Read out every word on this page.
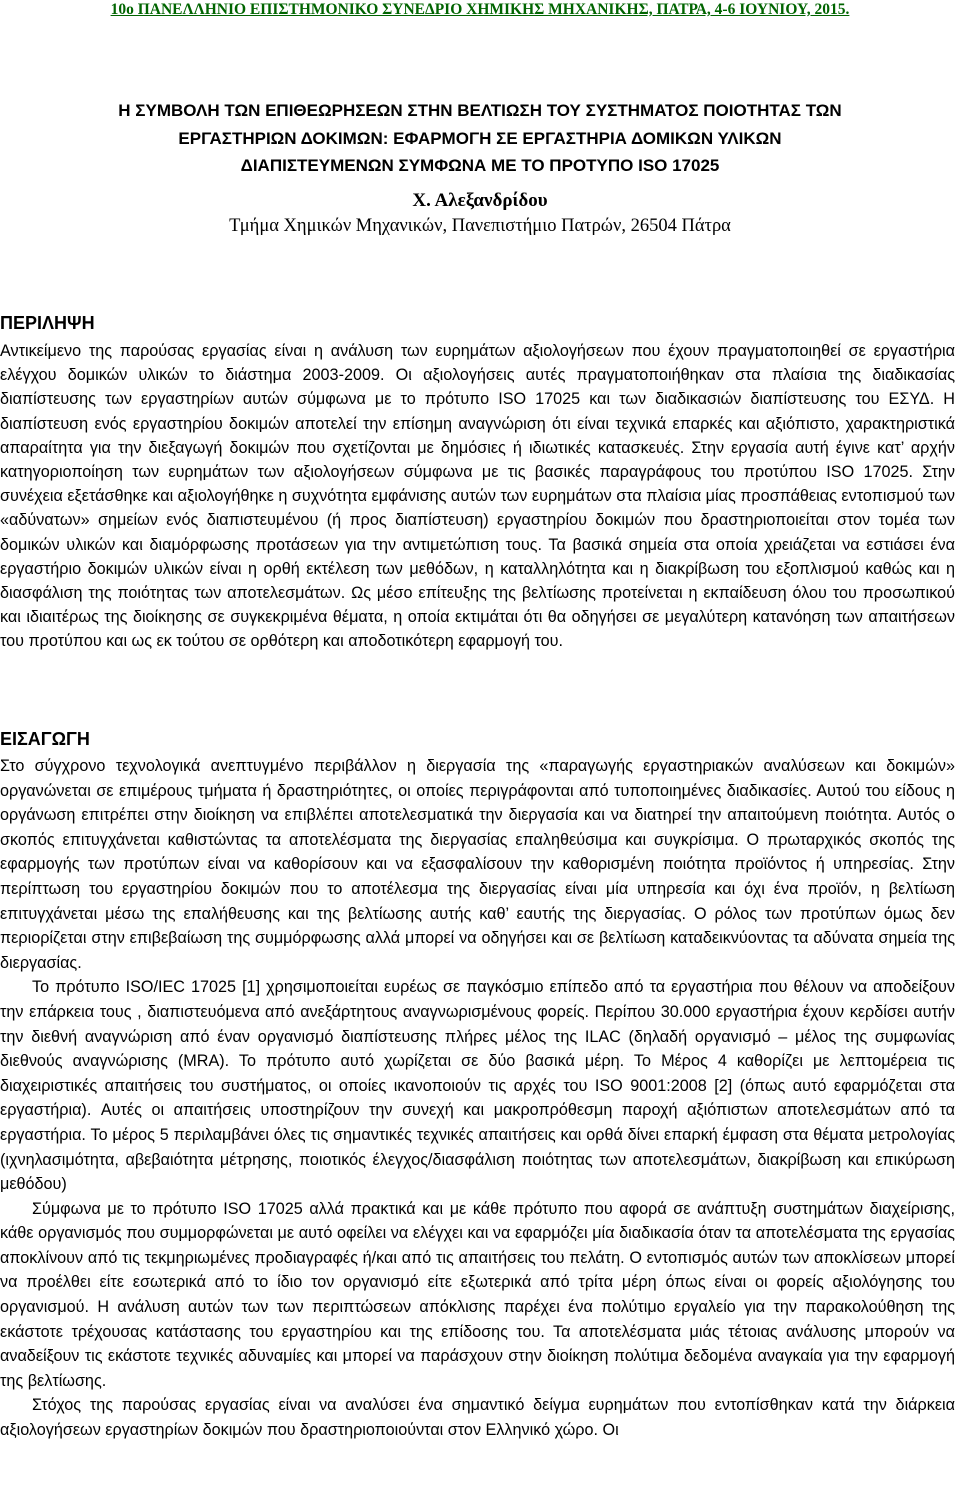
10ο ΠΑΝΕΛΛΗΝΙΟ ΕΠΙΣΤΗΜΟΝΙΚΟ ΣΥΝΕΔΡΙΟ ΧΗΜΙΚΗΣ ΜΗΧΑΝΙΚΗΣ, ΠΑΤΡΑ, 4-6 ΙΟΥΝΙΟΥ, 2015.
Η ΣΥΜΒΟΛΗ ΤΩΝ ΕΠΙΘΕΩΡΗΣΕΩΝ ΣΤΗΝ ΒΕΛΤΙΩΣΗ ΤΟΥ ΣΥΣΤΗΜΑΤΟΣ ΠΟΙΟΤΗΤΑΣ ΤΩΝ
ΕΡΓΑΣΤΗΡΙΩΝ ΔΟΚΙΜΩΝ: ΕΦΑΡΜΟΓΗ ΣΕ ΕΡΓΑΣΤΗΡΙΑ ΔΟΜΙΚΩΝ ΥΛΙΚΩΝ
ΔΙΑΠΙΣΤΕΥΜΕΝΩΝ ΣΥΜΦΩΝΑ ΜΕ ΤΟ ΠΡΟΤΥΠΟ ISO 17025
Χ. Αλεξανδρίδου
Τμήμα Χημικών Μηχανικών, Πανεπιστήμιο Πατρών, 26504 Πάτρα
ΠΕΡΙΛΗΨΗ

Αντικείμενο της παρούσας εργασίας είναι η ανάλυση των ευρημάτων αξιολογήσεων που έχουν πραγματοποιηθεί σε εργαστήρια ελέγχου δομικών υλικών το διάστημα 2003-2009. Οι αξιολογήσεις αυτές πραγματοποιήθηκαν στα πλαίσια της διαδικασίας διαπίστευσης των εργαστηρίων αυτών σύμφωνα με το πρότυπο ISO 17025 και των διαδικασιών διαπίστευσης του ΕΣΥΔ. Η διαπίστευση ενός εργαστηρίου δοκιμών αποτελεί την επίσημη αναγνώριση ότι είναι τεχνικά επαρκές και αξιόπιστο, χαρακτηριστικά απαραίτητα για την διεξαγωγή δοκιμών που σχετίζονται με δημόσιες ή ιδιωτικές κατασκευές. Στην εργασία αυτή έγινε κατ’ αρχήν κατηγοριοποίηση των ευρημάτων των αξιολογήσεων σύμφωνα με τις βασικές παραγράφους του προτύπου ISO 17025. Στην συνέχεια εξετάσθηκε και αξιολογήθηκε η συχνότητα εμφάνισης αυτών των ευρημάτων στα πλαίσια μίας προσπάθειας εντοπισμού των «αδύνατων» σημείων ενός διαπιστευμένου (ή προς διαπίστευση) εργαστηρίου δοκιμών που δραστηριοποιείται στον τομέα των δομικών υλικών και διαμόρφωσης προτάσεων για την αντιμετώπιση τους. Τα βασικά σημεία στα οποία χρειάζεται να εστιάσει ένα εργαστήριο δοκιμών υλικών είναι η ορθή εκτέλεση των μεθόδων, η καταλληλότητα και η διακρίβωση του εξοπλισμού καθώς και η διασφάλιση της ποιότητας των αποτελεσμάτων. Ως μέσο επίτευξης της βελτίωσης προτείνεται η εκπαίδευση όλου του προσωπικού και ιδιαιτέρως της διοίκησης σε συγκεκριμένα θέματα, η οποία εκτιμάται ότι θα οδηγήσει σε μεγαλύτερη κατανόηση των απαιτήσεων του προτύπου και ως εκ τούτου σε ορθότερη και αποδοτικότερη εφαρμογή του.

ΕΙΣΑΓΩΓΗ

Στο σύγχρονο τεχνολογικά ανεπτυγμένο περιβάλλον η διεργασία της «παραγωγής εργαστηριακών αναλύσεων και δοκιμών» οργανώνεται σε επιμέρους τμήματα ή δραστηριότητες, οι οποίες περιγράφονται από τυποποιημένες διαδικασίες. Αυτού του είδους η οργάνωση επιτρέπει στην διοίκηση να επιβλέπει αποτελεσματικά την διεργασία και να διατηρεί την απαιτούμενη ποιότητα. Αυτός ο σκοπός επιτυγχάνεται καθιστώντας τα αποτελέσματα της διεργασίας επαληθεύσιμα και συγκρίσιμα. Ο πρωταρχικός σκοπός της εφαρμογής των προτύπων είναι να καθορίσουν και να εξασφαλίσουν την καθορισμένη ποιότητα προϊόντος ή υπηρεσίας. Στην περίπτωση του εργαστηρίου δοκιμών που το αποτέλεσμα της διεργασίας είναι μία υπηρεσία και όχι ένα προϊόν, η βελτίωση επιτυγχάνεται μέσω της επαλήθευσης και της βελτίωσης αυτής καθ’ εαυτής της διεργασίας. Ο ρόλος των προτύπων όμως δεν περιορίζεται στην επιβεβαίωση της συμμόρφωσης αλλά μπορεί να οδηγήσει και σε βελτίωση καταδεικνύοντας τα αδύνατα σημεία της διεργασίας.

Το πρότυπο ISO/IEC 17025 [1] χρησιμοποιείται ευρέως σε παγκόσμιο επίπεδο από τα εργαστήρια που θέλουν να αποδείξουν την επάρκεια τους , διαπιστευόμενα από ανεξάρτητους αναγνωρισμένους φορείς. Περίπου 30.000 εργαστήρια έχουν κερδίσει αυτήν την διεθνή αναγνώριση από έναν οργανισμό διαπίστευσης πλήρες μέλος της ILAC (δηλαδή οργανισμό – μέλος της συμφωνίας διεθνούς αναγνώρισης (MRA). Το πρότυπο αυτό χωρίζεται σε δύο βασικά μέρη. Το Μέρος 4 καθορίζει με λεπτομέρεια τις διαχειριστικές απαιτήσεις του συστήματος, οι οποίες ικανοποιούν τις αρχές του ISO 9001:2008 [2] (όπως αυτό εφαρμόζεται στα εργαστήρια). Αυτές οι απαιτήσεις υποστηρίζουν την συνεχή και μακροπρόθεσμη παροχή αξιόπιστων αποτελεσμάτων από τα εργαστήρια. Το μέρος 5 περιλαμβάνει όλες τις σημαντικές τεχνικές απαιτήσεις και ορθά δίνει επαρκή έμφαση στα θέματα μετρολογίας (ιχνηλασιμότητα, αβεβαιότητα μέτρησης, ποιοτικός έλεγχος/διασφάλιση ποιότητας των αποτελεσμάτων, διακρίβωση και επικύρωση μεθόδου)

Σύμφωνα με το πρότυπο ISO 17025 αλλά πρακτικά και με κάθε πρότυπο που αφορά σε ανάπτυξη συστημάτων διαχείρισης, κάθε οργανισμός που συμμορφώνεται με αυτό οφείλει να ελέγχει και να εφαρμόζει μία διαδικασία όταν τα αποτελέσματα της εργασίας αποκλίνουν από τις τεκμηριωμένες προδιαγραφές ή/και από τις απαιτήσεις του πελάτη. Ο εντοπισμός αυτών των αποκλίσεων μπορεί να προέλθει είτε εσωτερικά από το ίδιο τον οργανισμό είτε εξωτερικά από τρίτα μέρη όπως είναι οι φορείς αξιολόγησης του οργανισμού. Η ανάλυση αυτών των των περιπτώσεων απόκλισης παρέχει ένα πολύτιμο εργαλείο για την παρακολούθηση της εκάστοτε τρέχουσας κατάστασης του εργαστηρίου και της επίδοσης του. Τα αποτελέσματα μιάς τέτοιας ανάλυσης μπορούν να αναδείξουν τις εκάστοτε τεχνικές αδυναμίες και μπορεί να παράσχουν στην διοίκηση πολύτιμα δεδομένα αναγκαία για την εφαρμογή της βελτίωσης.

Στόχος της παρούσας εργασίας είναι να αναλύσει ένα σημαντικό δείγμα ευρημάτων που εντοπίσθηκαν κατά την διάρκεια αξιολογήσεων εργαστηρίων δοκιμών που δραστηριοποιούνται στον Ελληνικό χώρο. Οι
